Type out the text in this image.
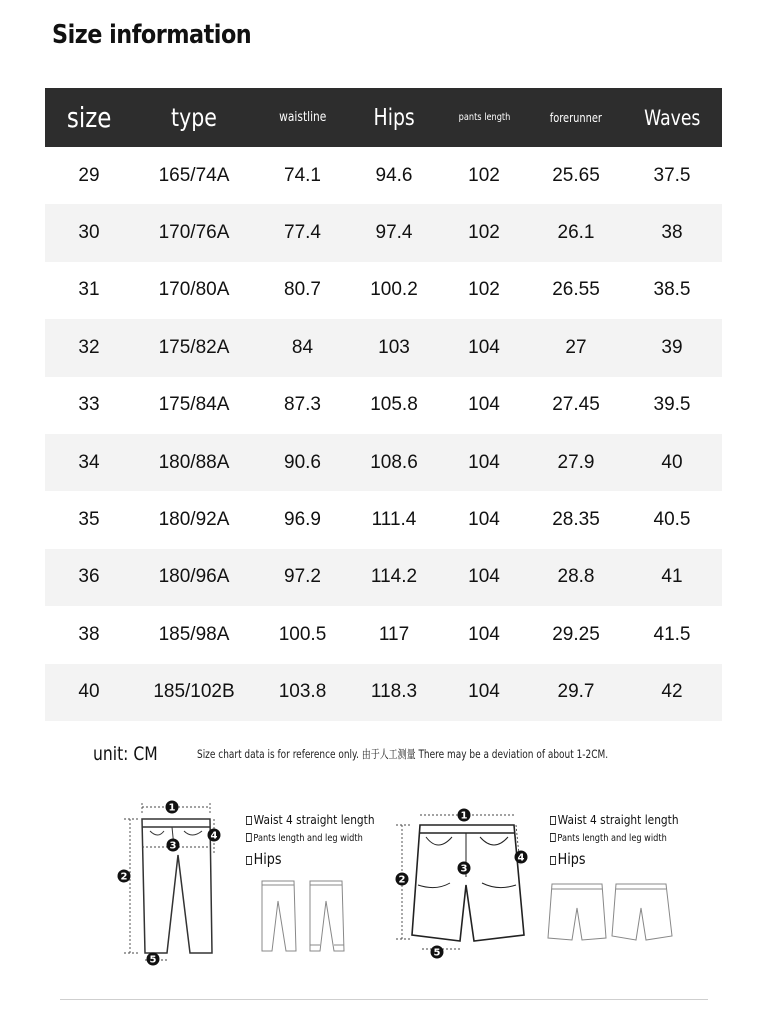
Size information
size	type	waistline	Hips	pants length	forerunner	Waves
29	165/74A	74.1	94.6	102	25.65	37.5
30	170/76A	77.4	97.4	102	26.1	38
31	170/80A	80.7	100.2	102	26.55	38.5
32	175/82A	84	103	104	27	39
33	175/84A	87.3	105.8	104	27.45	39.5
34	180/88A	90.6	108.6	104	27.9	40
35	180/92A	96.9	111.4	104	28.35	40.5
36	180/96A	97.2	114.2	104	28.8	41
38	185/98A	100.5	117	104	29.25	41.5
40	185/102B	103.8	118.3	104	29.7	42
unit: CM	Size chart data is for reference only. 由于人工测量 There may be a deviation of about 1-2CM.
1
2
3
4
5
Waist 4 straight length
Pants length and leg width
Hips
1
2
3
4
5
Waist 4 straight length
Pants length and leg width
Hips
